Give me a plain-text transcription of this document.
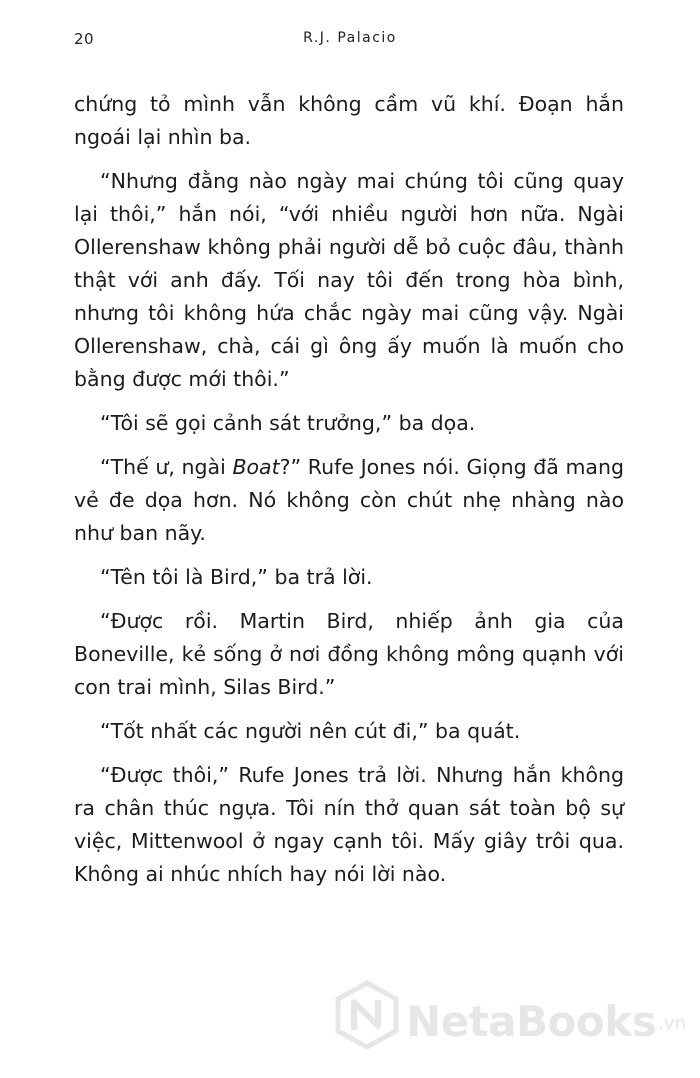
20	R.J. Palacio

chứng tỏ mình vẫn không cầm vũ khí. Đoạn hắn ngoái lại nhìn ba.

“Nhưng đằng nào ngày mai chúng tôi cũng quay lại thôi,” hắn nói, “với nhiều người hơn nữa. Ngài Ollerenshaw không phải người dễ bỏ cuộc đâu, thành thật với anh đấy. Tối nay tôi đến trong hòa bình, nhưng tôi không hứa chắc ngày mai cũng vậy. Ngài Ollerenshaw, chà, cái gì ông ấy muốn là muốn cho bằng được mới thôi.”

“Tôi sẽ gọi cảnh sát trưởng,” ba dọa.

“Thế ư, ngài Boat?” Rufe Jones nói. Giọng đã mang vẻ đe dọa hơn. Nó không còn chút nhẹ nhàng nào như ban nãy.

“Tên tôi là Bird,” ba trả lời.

“Được rồi. Martin Bird, nhiếp ảnh gia của Boneville, kẻ sống ở nơi đồng không mông quạnh với con trai mình, Silas Bird.”

“Tốt nhất các người nên cút đi,” ba quát.

“Được thôi,” Rufe Jones trả lời. Nhưng hắn không ra chân thúc ngựa. Tôi nín thở quan sát toàn bộ sự việc, Mittenwool ở ngay cạnh tôi. Mấy giây trôi qua. Không ai nhúc nhích hay nói lời nào.

NetaBooks .vn
